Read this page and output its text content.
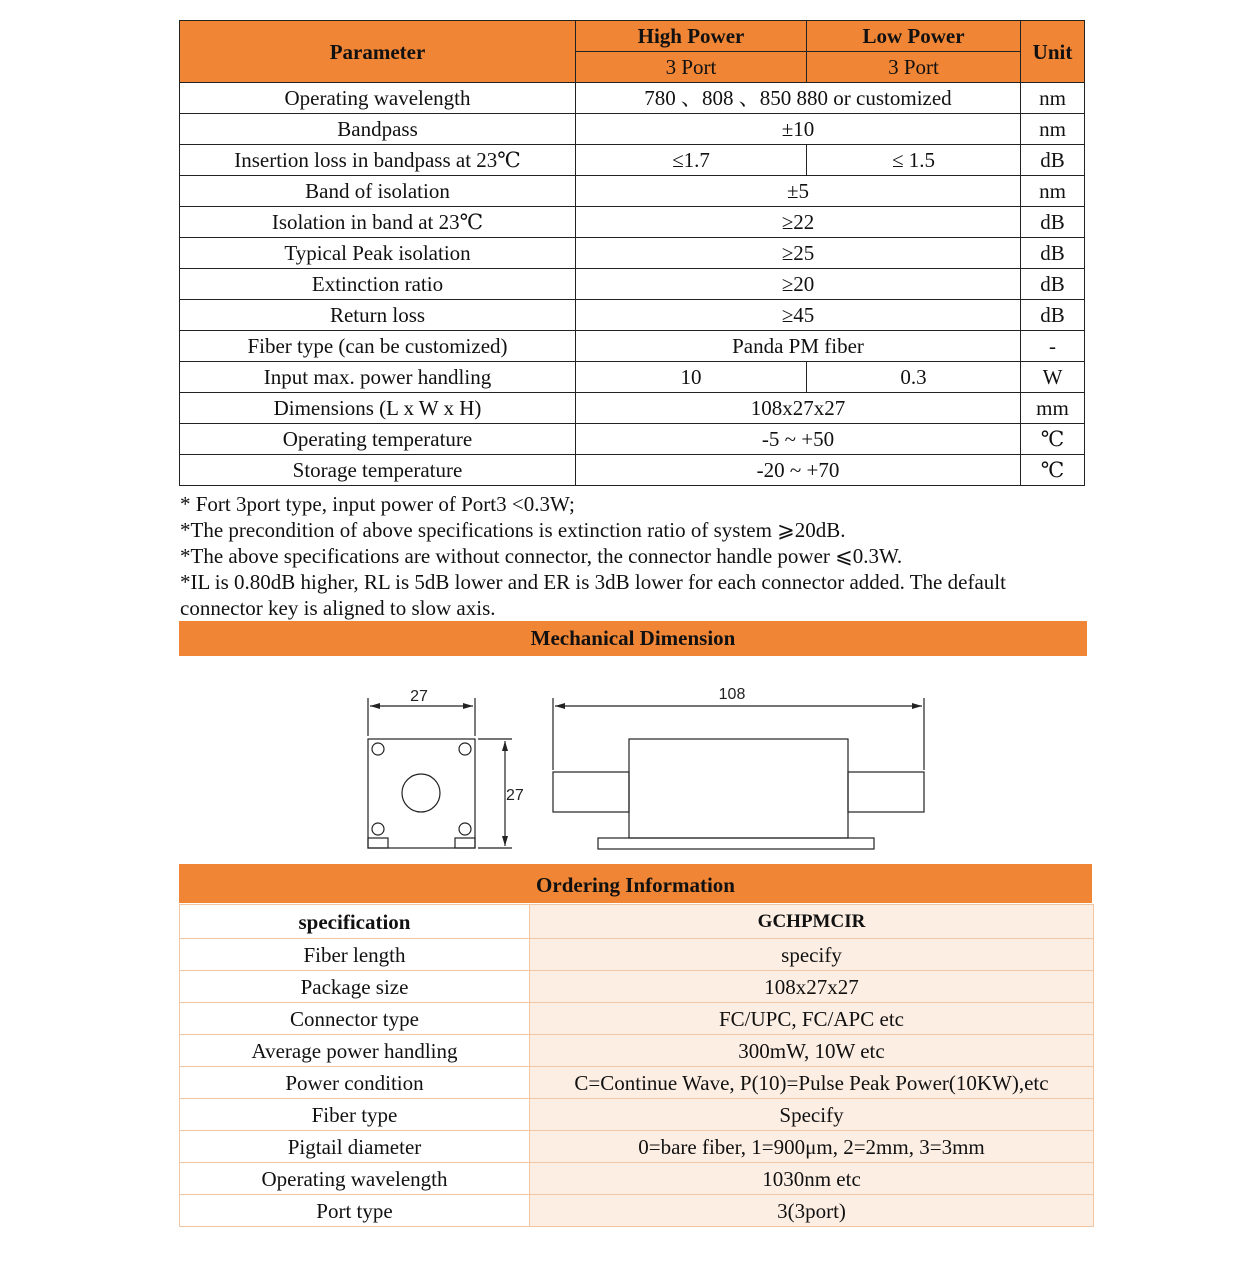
Parameter	High Power	Low Power	Unit
	3 Port	3 Port	
Operating wavelength	780 、808 、850 880 or customized		nm
Bandpass	±10		nm
Insertion loss in bandpass at 23℃	≤1.7	≤ 1.5	dB
Band of isolation	±5		nm
Isolation in band at 23℃	≥22		dB
Typical Peak isolation	≥25		dB
Extinction ratio	≥20		dB
Return loss	≥45		dB
Fiber type (can be customized)	Panda PM fiber		-
Input max. power handling	10	0.3	W
Dimensions (L x W x H)	108x27x27		mm
Operating temperature	-5 ~ +50		℃
Storage temperature	-20 ~ +70		℃
* Fort 3port type, input power of Port3 <0.3W;
*The precondition of above specifications is extinction ratio of system ⩾20dB.
*The above specifications are without connector, the connector handle power ⩽0.3W.
*IL is 0.80dB higher, RL is 5dB lower and ER is 3dB lower for each connector added. The default
connector key is aligned to slow axis.
Mechanical Dimension
27
27
108
Ordering Information
specification	GCHPMCIR
Fiber length	specify
Package size	108x27x27
Connector type	FC/UPC, FC/APC etc
Average power handling	300mW, 10W etc
Power condition	C=Continue Wave, P(10)=Pulse Peak Power(10KW),etc
Fiber type	Specify
Pigtail diameter	0=bare fiber, 1=900μm, 2=2mm, 3=3mm
Operating wavelength	1030nm etc
Port type	3(3port)
